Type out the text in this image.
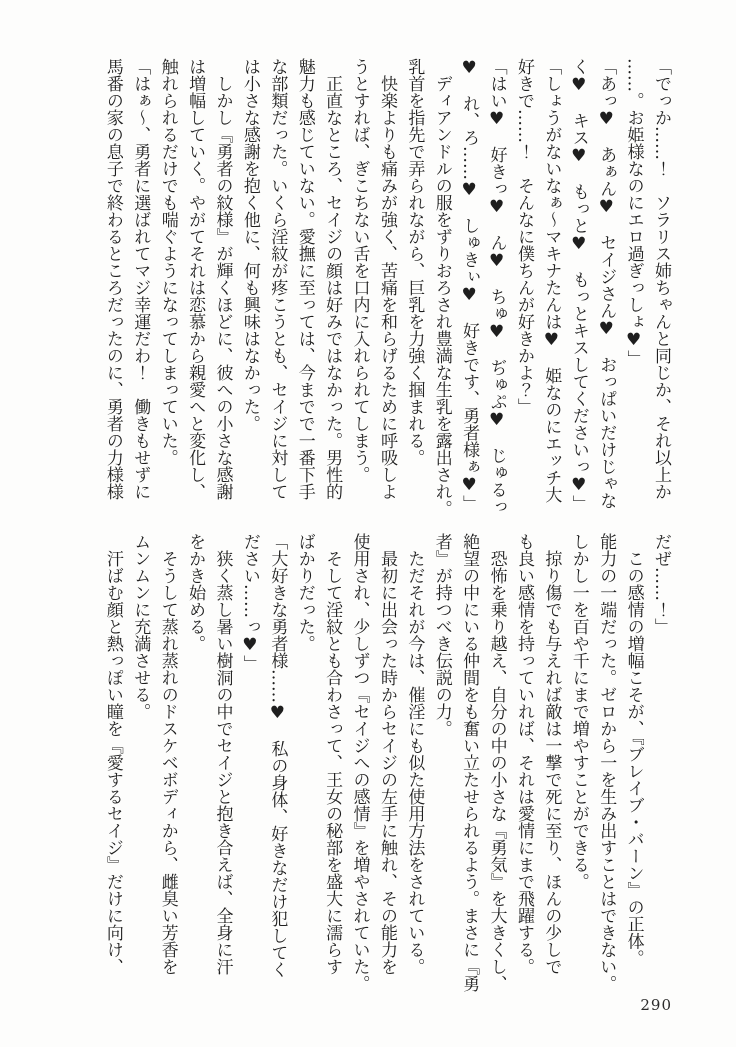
「でっか……！　ソラリス姉ちゃんと同じか、それ以上か

……。お姫様なのにエロ過ぎっしょ♥」

「あっ♥　あぁん♥　セイジさん♥　おっぱいだけじゃな

く♥　キス♥　もっと♥　もっとキスしてくださいっ♥」

「しょうがないなぁ～マキナたんは♥　姫なのにエッチ大

好きで……！　そんなに僕ちんが好きかよ？」

「はい♥　好きっ♥　ん♥　ちゅ♥　ぢゅぷ♥　じゅるっ

♥　れ、ろ……♥　しゅきぃ♥　好きです、勇者様ぁ♥」

　ディアンドルの服をずりおろされ豊満な生乳を露出され。

乳首を指先で弄られながら、巨乳を力強く掴まれる。

　快楽よりも痛みが強く、苦痛を和らげるために呼吸しよ

うとすれば、ぎこちない舌を口内に入れられてしまう。

　正直なところ、セイジの顔は好みではなかった。男性的

魅力も感じていない。愛撫に至っては、今までで一番下手

な部類だった。いくら淫紋が疼こうとも、セイジに対して

は小さな感謝を抱く他に、何も興味はなかった。

　しかし『勇者の紋様』が輝くほどに、彼への小さな感謝

は増幅していく。やがてそれは恋慕から親愛へと変化し、

触れられるだけでも喘ぐようになってしまっていた。

「はぁ～、勇者に選ばれてマジ幸運だわ！　働きもせずに

馬番の家の息子で終わるところだったのに、勇者の力様様

だぜ……！」

　この感情の増幅こそが、『ブレイブ・バーン』の正体。

能力の一端だった。ゼロから一を生み出すことはできない。

しかし一を百や千にまで増やすことができる。

　掠り傷でも与えれば敵は一撃で死に至り、ほんの少しで

も良い感情を持っていれば、それは愛情にまで飛躍する。

　恐怖を乗り越え、自分の中の小さな『勇気』を大きくし、

絶望の中にいる仲間をも奮い立たせられるよう。まさに『勇

者』が持つべき伝説の力。

　ただそれが今は、催淫にも似た使用方法をされている。

　最初に出会った時からセイジの左手に触れ、その能力を

使用され、少しずつ『セイジへの感情』を増やされていた。

　そして淫紋とも合わさって、王女の秘部を盛大に濡らす

ばかりだった。

「大好きな勇者様……♥　私の身体、好きなだけ犯してく

ださい……っ♥」

　狭く蒸し暑い樹洞の中でセイジと抱き合えば、全身に汗

をかき始める。

　そうして蒸れ蒸れのドスケベボディから、雌臭い芳香を

ムンムンに充満させる。

　汗ばむ顔と熱っぽい瞳を『愛するセイジ』だけに向け、

290
